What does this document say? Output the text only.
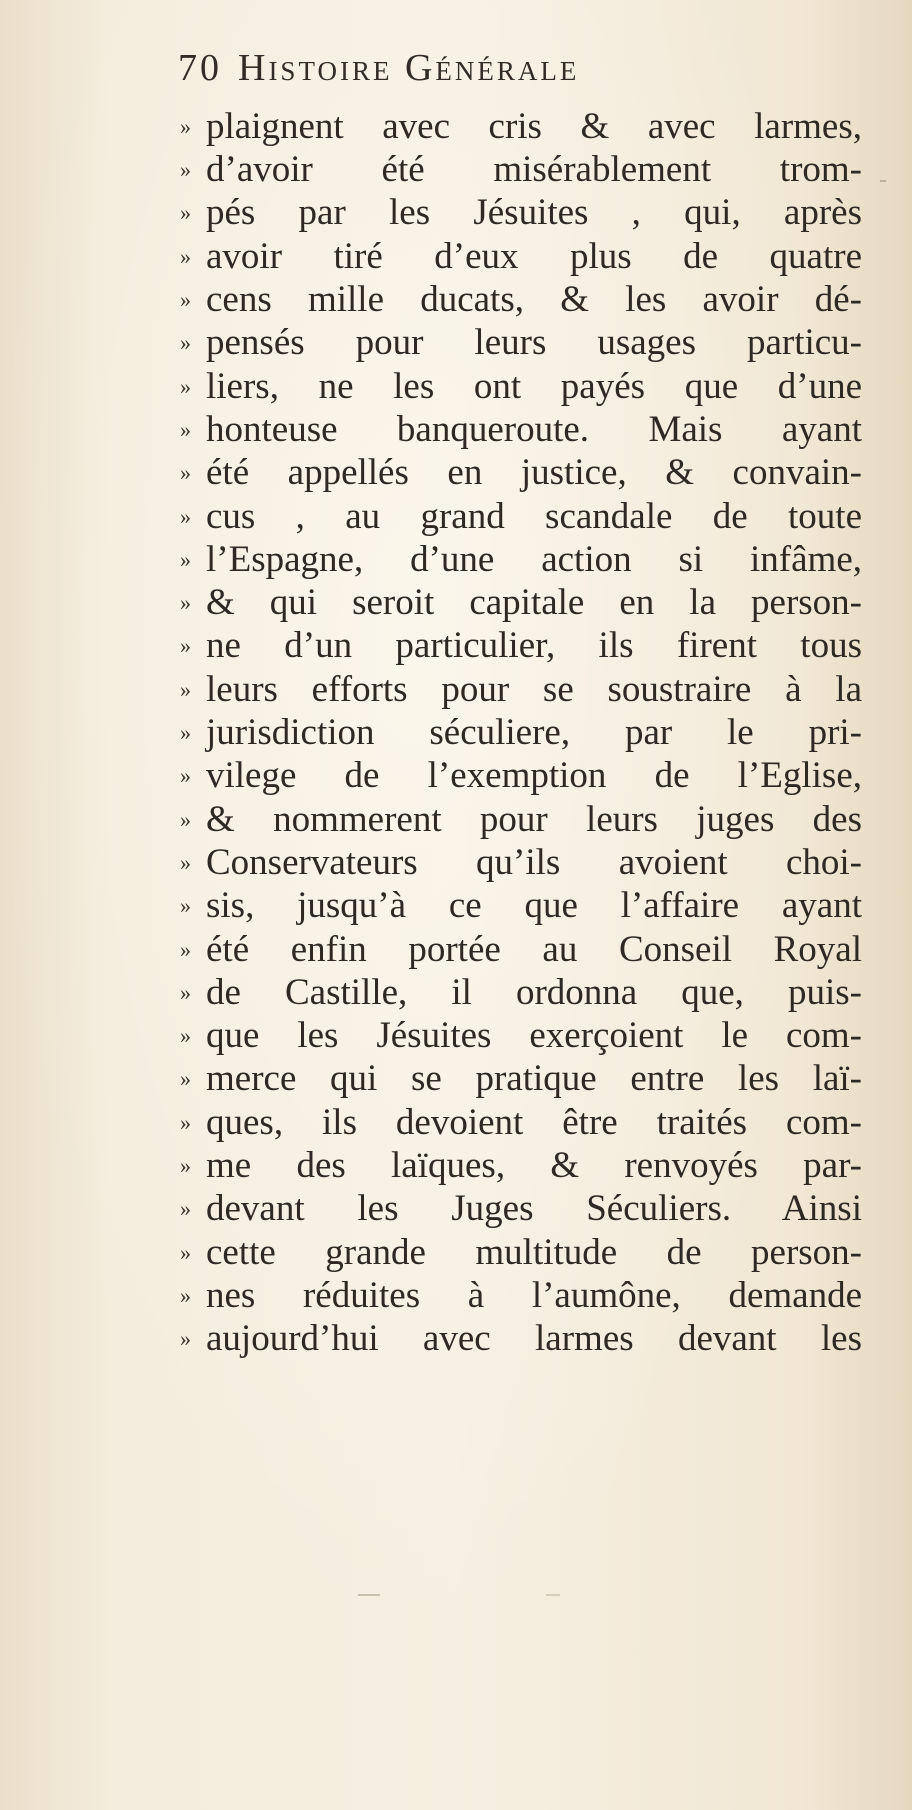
70 Histoire Générale
» plaignent avec cris & avec larmes,
» d’avoir été misérablement trom-
» pés par les Jésuites , qui, après
» avoir tiré d’eux plus de quatre
» cens mille ducats, & les avoir dé-
» pensés pour leurs usages particu-
» liers, ne les ont payés que d’une
» honteuse banqueroute. Mais ayant
» été appellés en justice, & convain-
» cus , au grand scandale de toute
» l’Espagne, d’une action si infâme,
» & qui seroit capitale en la person-
» ne d’un particulier, ils firent tous
» leurs efforts pour se soustraire à la
» jurisdiction séculiere, par le pri-
» vilege de l’exemption de l’Eglise,
» & nommerent pour leurs juges des
» Conservateurs qu’ils avoient choi-
» sis, jusqu’à ce que l’affaire ayant
» été enfin portée au Conseil Royal
» de Castille, il ordonna que, puis-
» que les Jésuites exerçoient le com-
» merce qui se pratique entre les laï-
» ques, ils devoient être traités com-
» me des laïques, & renvoyés par-
» devant les Juges Séculiers. Ainsi
» cette grande multitude de person-
» nes réduites à l’aumône, demande
» aujourd’hui avec larmes devant les
